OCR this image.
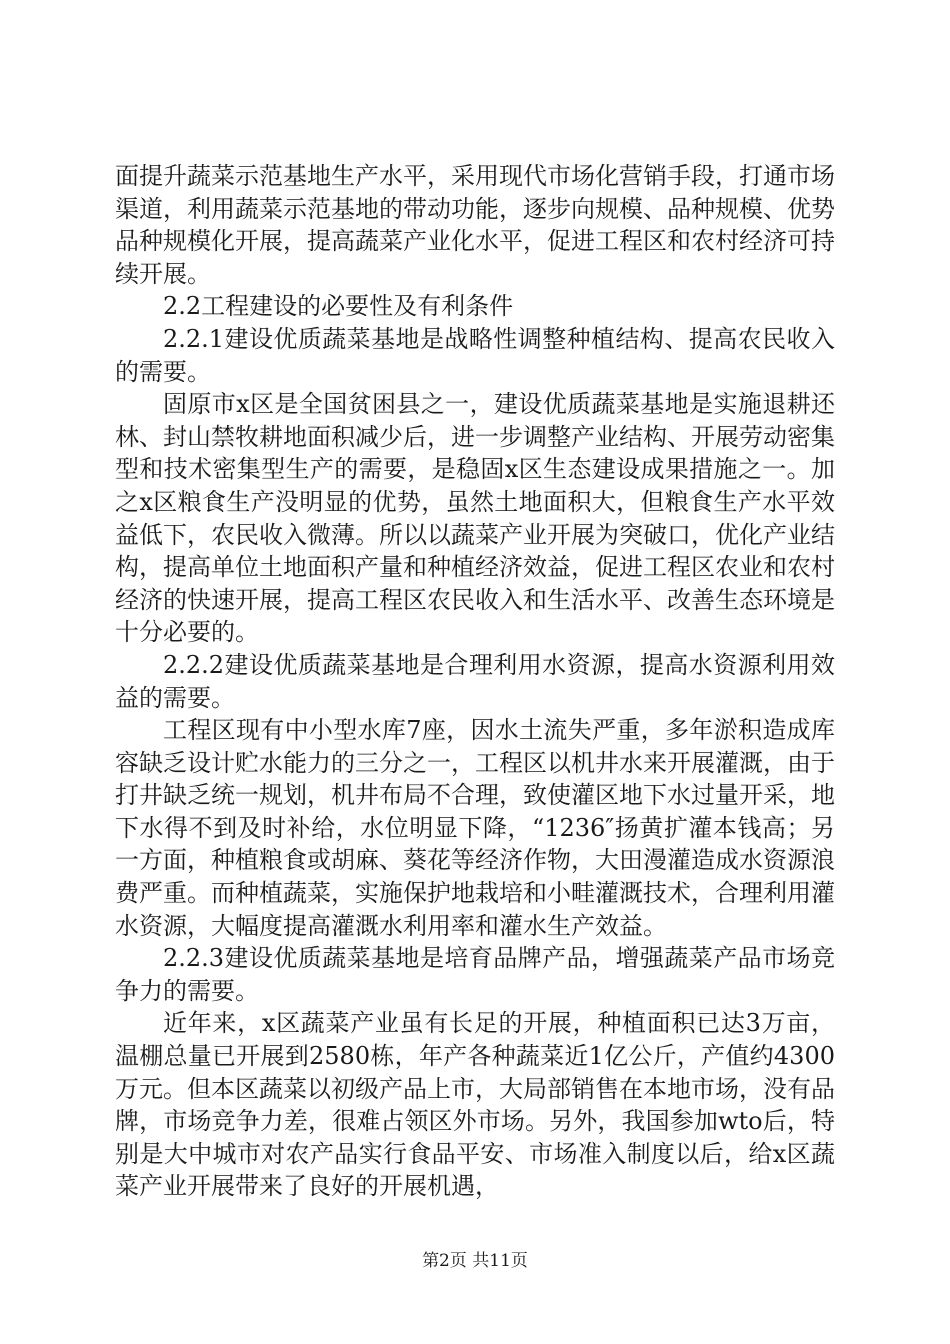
面提升蔬菜示范基地生产水平，采用现代市场化营销手段，打通市场渠道，利用蔬菜示范基地的带动功能，逐步向规模、品种规模、优势品种规模化开展，提高蔬菜产业化水平，促进工程区和农村经济可持续开展。

2.2工程建设的必要性及有利条件

2.2.1建设优质蔬菜基地是战略性调整种植结构、提高农民收入的需要。

固原市x区是全国贫困县之一，建设优质蔬菜基地是实施退耕还林、封山禁牧耕地面积减少后，进一步调整产业结构、开展劳动密集型和技术密集型生产的需要，是稳固x区生态建设成果措施之一。加之x区粮食生产没明显的优势，虽然土地面积大，但粮食生产水平效益低下，农民收入微薄。所以以蔬菜产业开展为突破口，优化产业结构，提高单位土地面积产量和种植经济效益，促进工程区农业和农村经济的快速开展，提高工程区农民收入和生活水平、改善生态环境是十分必要的。

2.2.2建设优质蔬菜基地是合理利用水资源，提高水资源利用效益的需要。

工程区现有中小型水库7座，因水土流失严重，多年淤积造成库容缺乏设计贮水能力的三分之一，工程区以机井水来开展灌溉，由于打井缺乏统一规划，机井布局不合理，致使灌区地下水过量开采，地下水得不到及时补给，水位明显下降，“1236″扬黄扩灌本钱高；另一方面，种植粮食或胡麻、葵花等经济作物，大田漫灌造成水资源浪费严重。而种植蔬菜，实施保护地栽培和小畦灌溉技术，合理利用灌水资源，大幅度提高灌溉水利用率和灌水生产效益。

2.2.3建设优质蔬菜基地是培育品牌产品，增强蔬菜产品市场竞争力的需要。

近年来，x区蔬菜产业虽有长足的开展，种植面积已达3万亩，温棚总量已开展到2580栋，年产各种蔬菜近1亿公斤，产值约4300万元。但本区蔬菜以初级产品上市，大局部销售在本地市场，没有品牌，市场竞争力差，很难占领区外市场。另外，我国参加wto后，特别是大中城市对农产品实行食品平安、市场准入制度以后，给x区蔬菜产业开展带来了良好的开展机遇，

第2页 共11页
